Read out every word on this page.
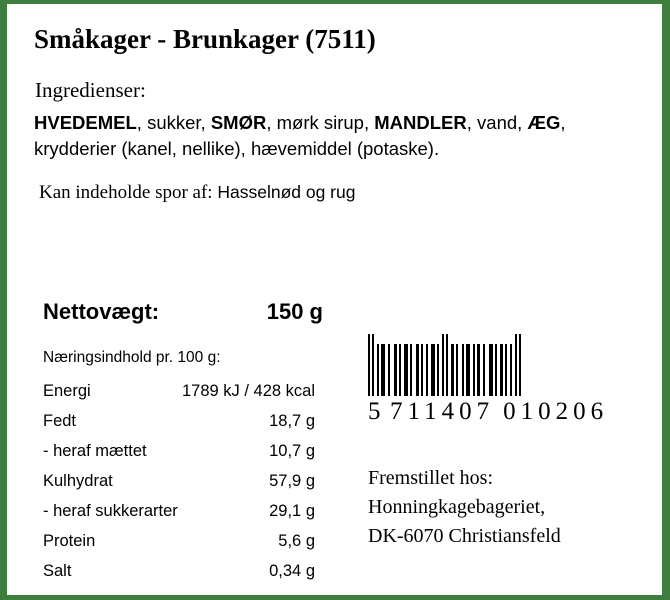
Småkager - Brunkager (7511)
Ingredienser:
HVEDEMEL, sukker, SMØR, mørk sirup, MANDLER, vand, ÆG,
krydderier (kanel, nellike), hævemiddel (potaske).
Kan indeholde spor af: Hasselnød og rug
Nettovægt:	150 g
Næringsindhold pr. 100 g:
Energi	1789 kJ / 428 kcal
Fedt	18,7 g
- heraf mættet	10,7 g
Kulhydrat	57,9 g
- heraf sukkerarter	29,1 g
Protein	5,6 g
Salt	0,34 g
5 711407 010206
Fremstillet hos:
Honningkagebageriet,
DK-6070 Christiansfeld
